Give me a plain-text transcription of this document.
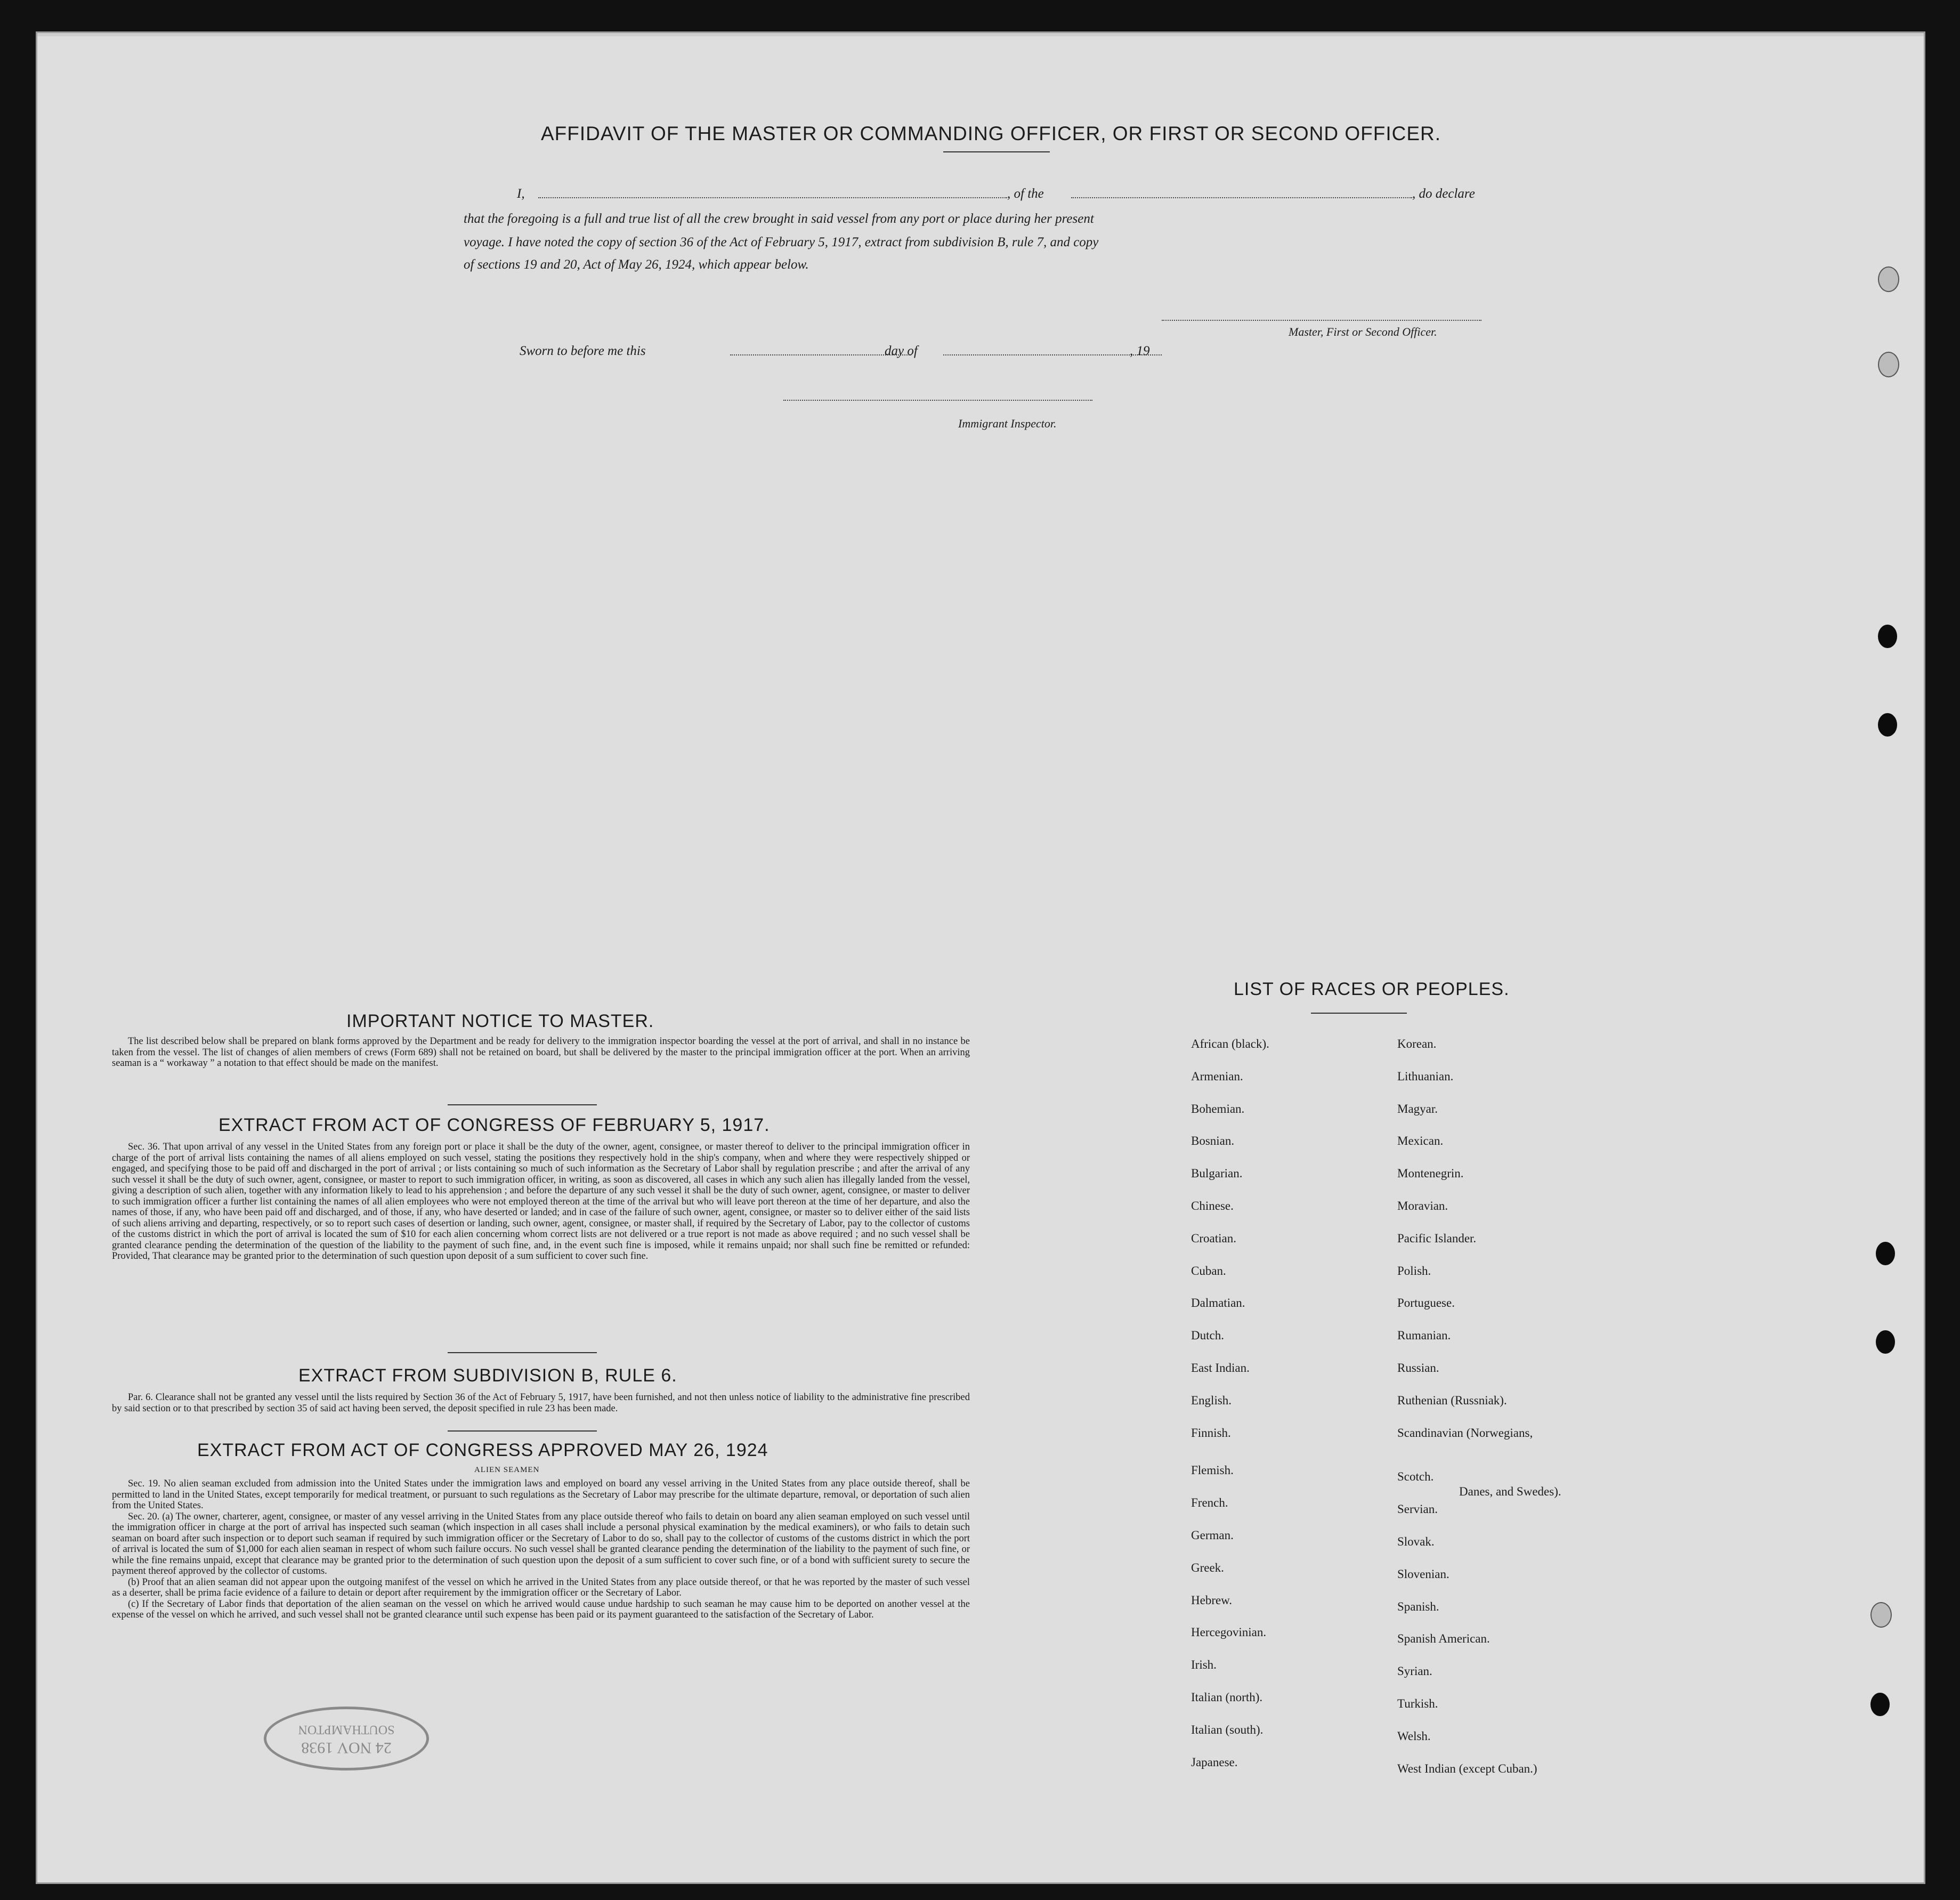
AFFIDAVIT OF THE MASTER OR COMMANDING OFFICER, OR FIRST OR SECOND OFFICER.
I,	, of the	, do declare
that the foregoing is a full and true list of all the crew brought in said vessel from any port or place during her present
voyage. I have noted the copy of section 36 of the Act of February 5, 1917, extract from subdivision B, rule 7, and copy
of sections 19 and 20, Act of May 26, 1924, which appear below.
Master, First or Second Officer.
Sworn to before me this	day of	, 19
Immigrant Inspector.
IMPORTANT NOTICE TO MASTER.
The list described below shall be prepared on blank forms approved by the Department and be ready for delivery to the immigration inspector boarding the vessel at the port of arrival, and shall in no instance be taken from the vessel. The list of changes of alien members of crews (Form 689) shall not be retained on board, but shall be delivered by the master to the principal immigration officer at the port. When an arriving seaman is a “ workaway ” a notation to that effect should be made on the manifest.
EXTRACT FROM ACT OF CONGRESS OF FEBRUARY 5, 1917.
Sec. 36. That upon arrival of any vessel in the United States from any foreign port or place it shall be the duty of the owner, agent, consignee, or master thereof to deliver to the principal immigration officer in charge of the port of arrival lists containing the names of all aliens employed on such vessel, stating the positions they respectively hold in the ship's company, when and where they were respectively shipped or engaged, and specifying those to be paid off and discharged in the port of arrival ; or lists containing so much of such information as the Secretary of Labor shall by regulation prescribe ; and after the arrival of any such vessel it shall be the duty of such owner, agent, consignee, or master to report to such immigration officer, in writing, as soon as discovered, all cases in which any such alien has illegally landed from the vessel, giving a description of such alien, together with any information likely to lead to his apprehension ; and before the departure of any such vessel it shall be the duty of such owner, agent, consignee, or master to deliver to such immigration officer a further list containing the names of all alien employees who were not employed thereon at the time of the arrival but who will leave port thereon at the time of her departure, and also the names of those, if any, who have been paid off and discharged, and of those, if any, who have deserted or landed; and in case of the failure of such owner, agent, consignee, or master so to deliver either of the said lists of such aliens arriving and departing, respectively, or so to report such cases of desertion or landing, such owner, agent, consignee, or master shall, if required by the Secretary of Labor, pay to the collector of customs of the customs district in which the port of arrival is located the sum of $10 for each alien concerning whom correct lists are not delivered or a true report is not made as above required ; and no such vessel shall be granted clearance pending the determination of the question of the liability to the payment of such fine, and, in the event such fine is imposed, while it remains unpaid; nor shall such fine be remitted or refunded: Provided, That clearance may be granted prior to the determination of such question upon deposit of a sum sufficient to cover such fine.
EXTRACT FROM SUBDIVISION B, RULE 6.
Par. 6. Clearance shall not be granted any vessel until the lists required by Section 36 of the Act of February 5, 1917, have been furnished, and not then unless notice of liability to the administrative fine prescribed by said section or to that prescribed by section 35 of said act having been served, the deposit specified in rule 23 has been made.
EXTRACT FROM ACT OF CONGRESS APPROVED MAY 26, 1924
ALIEN SEAMEN

Sec. 19. No alien seaman excluded from admission into the United States under the immigration laws and employed on board any vessel arriving in the United States from any place outside thereof, shall be permitted to land in the United States, except temporarily for medical treatment, or pursuant to such regulations as the Secretary of Labor may prescribe for the ultimate departure, removal, or deportation of such alien from the United States.

Sec. 20. (a) The owner, charterer, agent, consignee, or master of any vessel arriving in the United States from any place outside thereof who fails to detain on board any alien seaman employed on such vessel until the immigration officer in charge at the port of arrival has inspected such seaman (which inspection in all cases shall include a personal physical examination by the medical examiners), or who fails to detain such seaman on board after such inspection or to deport such seaman if required by such immigration officer or the Secretary of Labor to do so, shall pay to the collector of customs of the customs district in which the port of arrival is located the sum of $1,000 for each alien seaman in respect of whom such failure occurs. No such vessel shall be granted clearance pending the determination of the liability to the payment of such fine, or while the fine remains unpaid, except that clearance may be granted prior to the determination of such question upon the deposit of a sum sufficient to cover such fine, or of a bond with sufficient surety to secure the payment thereof approved by the collector of customs.

(b) Proof that an alien seaman did not appear upon the outgoing manifest of the vessel on which he arrived in the United States from any place outside thereof, or that he was reported by the master of such vessel as a deserter, shall be prima facie evidence of a failure to detain or deport after requirement by the immigration officer or the Secretary of Labor.

(c) If the Secretary of Labor finds that deportation of the alien seaman on the vessel on which he arrived would cause undue hardship to such seaman he may cause him to be deported on another vessel at the expense of the vessel on which he arrived, and such vessel shall not be granted clearance until such expense has been paid or its payment guaranteed to the satisfaction of the Secretary of Labor.

24 NOV 1938
SOUTHAMPTON
LIST OF RACES OR PEOPLES.
Danes, and Swedes).
African (black).
Armenian.
Bohemian.
Bosnian.
Bulgarian.
Chinese.
Croatian.
Cuban.
Dalmatian.
Dutch.
East Indian.
English.
Finnish.
Flemish.
French.
German.
Greek.
Hebrew.
Hercegovinian.
Irish.
Italian (north).
Italian (south).
Japanese.
Korean.
Lithuanian.
Magyar.
Mexican.
Montenegrin.
Moravian.
Pacific Islander.
Polish.
Portuguese.
Rumanian.
Russian.
Ruthenian (Russniak).
Scandinavian (Norwegians,
Scotch.
Servian.
Slovak.
Slovenian.
Spanish.
Spanish American.
Syrian.
Turkish.
Welsh.
West Indian (except Cuban.)
